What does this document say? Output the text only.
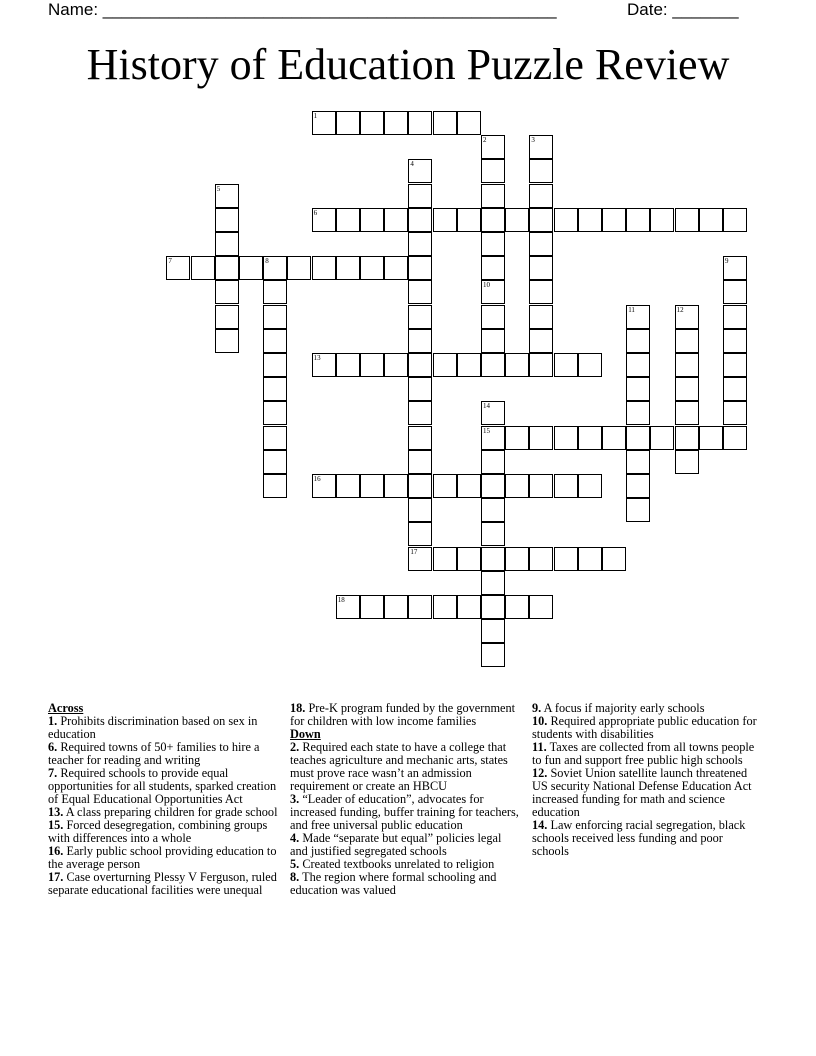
Name: ________________________________________________	Date: _______
History of Education Puzzle Review
1
2
10
3
4
5
6
7	8	9
11	12
13
14
15
16
17
18
Across

1. Prohibits discrimination based on sex in education

6. Required towns of 50+ families to hire a teacher for reading and writing

7. Required schools to provide equal opportunities for all students, sparked creation of Equal Educational Opportunities Act

13. A class preparing children for grade school

15. Forced desegregation, combining groups with differences into a whole

16. Early public school providing education to the average person

17. Case overturning Plessy V Ferguson, ruled separate educational facilities were unequal

18. Pre-K program funded by the government for children with low income families

Down

2. Required each state to have a college that teaches agriculture and mechanic arts, states must prove race wasn’t an admission requirement or create an HBCU

3. “Leader of education”, advocates for increased funding, buffer training for teachers, and free universal public education

4. Made “separate but equal” policies legal and justified segregated schools

5. Created textbooks unrelated to religion

8. The region where formal schooling and education was valued

9. A focus if majority early schools

10. Required appropriate public education for students with disabilities

11. Taxes are collected from all towns people to fun and support free public high schools

12. Soviet Union satellite launch threatened US security National Defense Education Act increased funding for math and science education

14. Law enforcing racial segregation, black schools received less funding and poor schools
